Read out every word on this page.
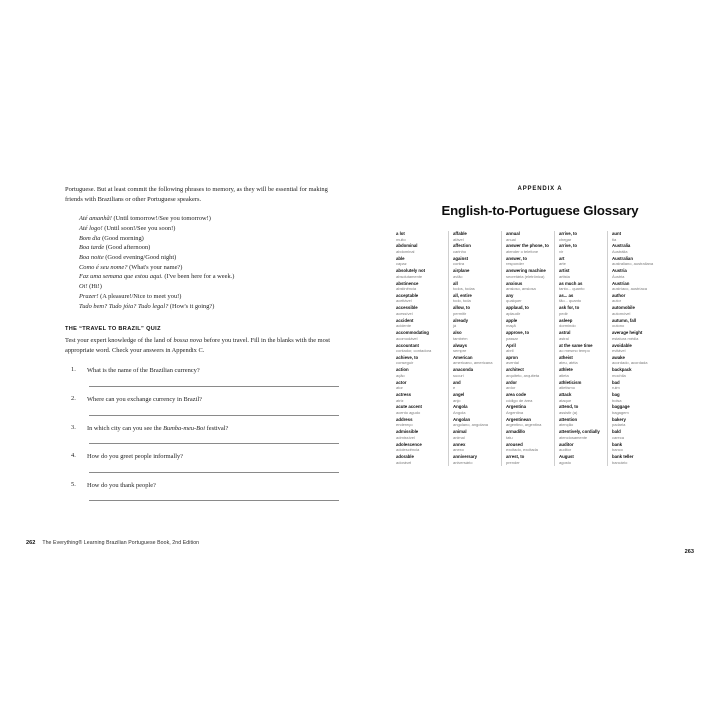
Portuguese. But at least commit the following phrases to memory, as they will be essential for making friends with Brazilians or other Portuguese speakers.

Até amanhã! (Until tomorrow!/See you tomorrow!)
Até logo! (Until soon!/See you soon!)
Bom dia (Good morning)
Boa tarde (Good afternoon)
Boa noite (Good evening/Good night)
Como é seu nome? (What's your name?)
Faz uma semana que estou aqui. (I've been here for a week.)
Oi! (Hi!)
Prazer! (A pleasure!/Nice to meet you!)
Tudo bem? Tudo jóia? Tudo legal? (How's it going?)
THE “TRAVEL TO BRAZIL” QUIZ

Test your expert knowledge of the land of bossa nova before you travel. Fill in the blanks with the most appropriate word. Check your answers in Appendix C.

1. What is the name of the Brazilian currency?
2. Where can you exchange currency in Brazil?
3. In which city can you see the Bumba-meu-Boi festival?
4. How do you greet people informally?
5. How do you thank people?
262 The Everything® Learning Brazilian Portuguese Book, 2nd Edition
APPENDIX A
English-to-Portuguese Glossary
a lot
muito
abdominal
abdominal
able
capaz
absolutely not
absolutamente
abstinence
abstinência
acceptable
aceitável
accessible
acessível
accident
acidente
accommodating
acomodável
accountant
contador, contadora
achieve, to
conseguir
action
ação
actor
ator
actress
atriz
acute accent
acento agudo
address
endereço
admissible
admissível
adolescence
adolescência
adorable
adorável
affable
afável
affection
carinho
against
contra
airplane
avião
all
todos, todas
all, entire
todo, toda
allow, to
permitir
already
já
also
também
always
sempre
American
americano, americana
anaconda
sucuri
and
e
angel
anjo
Angola
Angola
Angolan
angolano, angolana
animal
animal
annex
anexo
anniversary
aniversário
annual
anual
answer the phone, to
atender o telefone
answer, to
responder
answering machine
secretária (eletrônica)
anxious
ansioso, ansiosa
any
qualquer
applaud, to
aplaudir
apple
maçã
approve, to
passar
April
abril
apron
avental
architect
arquiteto, arquiteta
ardor
ardor
area code
código de área
Argentina
Argentina
Argentinean
argentino, argentina
armadillo
tatu
aroused
excitado, excitada
arrest, to
prender
arrive, to
chegar
arrive, to
vir
art
arte
artist
artista
as much as
tanto... quanto
as... as
tão... quanto
ask for, to
pedir
asleep
dormindo
astral
astral
at the same time
ao mesmo tempo
atheist
ateu, atéia
athlete
atleta
athleticism
atletismo
attack
ataque
attend, to
assistir (a)
attention
atenção
attentively, cordially
atenciosamente
auditor
auditor
August
agosto
aunt
tia
Australia
Austrália
Australian
australiano, australiana
Austria
Áustria
Austrian
austríaco, austríaca
author
autor
automobile
automóvel
autumn, fall
outono
average height
estatura média
avoidable
evitável
awake
acordado, acordada
backpack
mochila
bad
ruim
bag
bolsa
baggage
bagagem
bakery
padaria
bald
careca
bank
banco
bank teller
bancário
263
